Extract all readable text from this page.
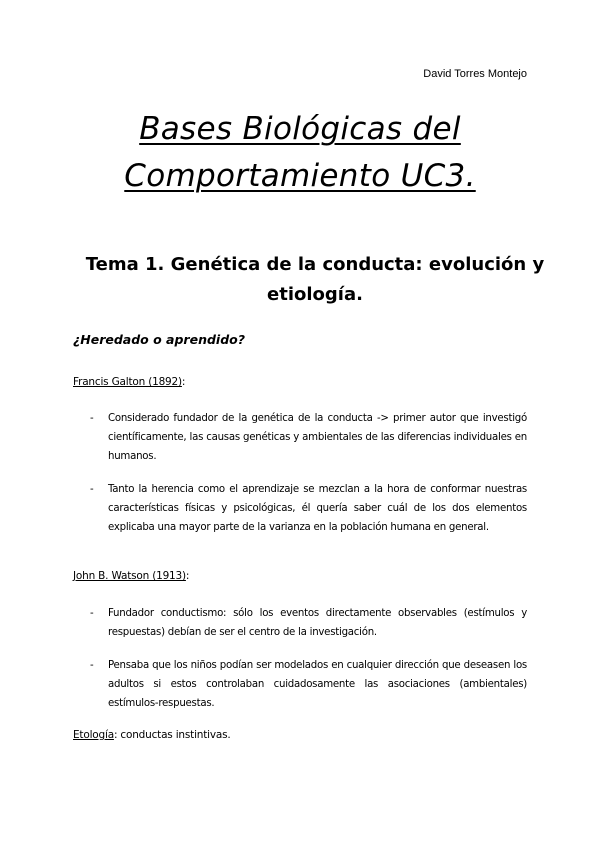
David Torres Montejo
Bases Biológicas del
Comportamiento UC3.
Tema 1. Genética de la conducta: evolución y etiología.
¿Heredado o aprendido?
Francis Galton (1892):
- Considerado fundador de la genética de la conducta -> primer autor que investigó científicamente, las causas genéticas y ambientales de las diferencias individuales en humanos.
- Tanto la herencia como el aprendizaje se mezclan a la hora de conformar nuestras características físicas y psicológicas, él quería saber cuál de los dos elementos explicaba una mayor parte de la varianza en la población humana en general.
John B. Watson (1913):
- Fundador conductismo: sólo los eventos directamente observables (estímulos y respuestas) debían de ser el centro de la investigación.
- Pensaba que los niños podían ser modelados en cualquier dirección que deseasen los adultos si estos controlaban cuidadosamente las asociaciones (ambientales) estímulos-respuestas.
Etología: conductas instintivas.
